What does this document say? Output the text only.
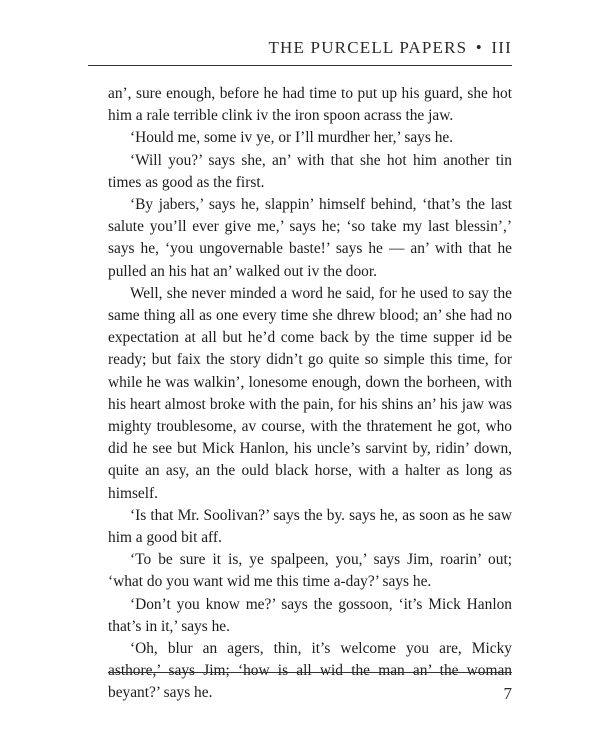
THE PURCELL PAPERS • III

an’, sure enough, before he had time to put up his guard, she hot him a rale terrible clink iv the iron spoon acrass the jaw.

‘Hould me, some iv ye, or I’ll murdher her,’ says he.

‘Will you?’ says she, an’ with that she hot him another tin times as good as the first.

‘By jabers,’ says he, slappin’ himself behind, ‘that’s the last salute you’ll ever give me,’ says he; ‘so take my last blessin’,’ says he, ‘you ungovernable baste!’ says he — an’ with that he pulled an his hat an’ walked out iv the door.

Well, she never minded a word he said, for he used to say the same thing all as one every time she dhrew blood; an’ she had no expectation at all but he’d come back by the time supper id be ready; but faix the story didn’t go quite so simple this time, for while he was walkin’, lonesome enough, down the borheen, with his heart almost broke with the pain, for his shins an’ his jaw was mighty troublesome, av course, with the thratement he got, who did he see but Mick Hanlon, his uncle’s sarvint by, ridin’ down, quite an asy, an the ould black horse, with a halter as long as himself.

‘Is that Mr. Soolivan?’ says the by. says he, as soon as he saw him a good bit aff.

‘To be sure it is, ye spalpeen, you,’ says Jim, roarin’ out; ‘what do you want wid me this time a-day?’ says he.

‘Don’t you know me?’ says the gossoon, ‘it’s Mick Hanlon that’s in it,’ says he.

‘Oh, blur an agers, thin, it’s welcome you are, Micky asthore,’ says Jim; ‘how is all wid the man an’ the woman beyant?’ says he.	7
